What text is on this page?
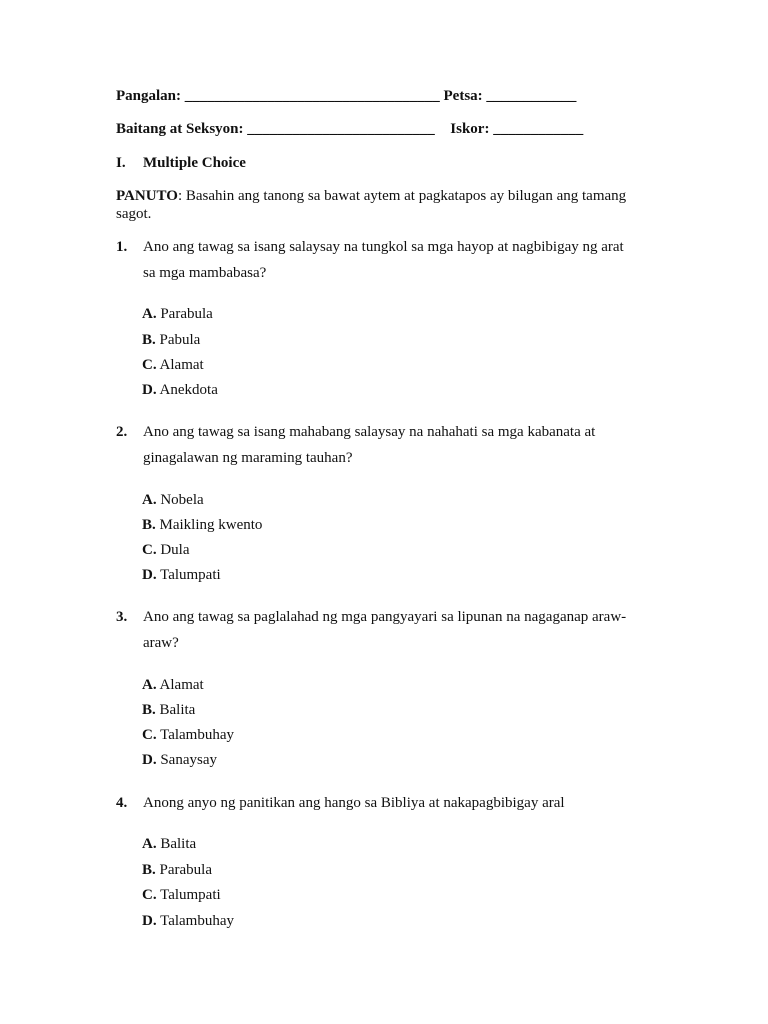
Pangalan: __________________________________ Petsa: ____________
Baitang at Seksyon: _________________________ Iskor: ____________
I. Multiple Choice
PANUTO: Basahin ang tanong sa bawat aytem at pagkatapos ay bilugan ang tamang
sagot.
1. Ano ang tawag sa isang salaysay na tungkol sa mga hayop at nagbibigay ng arat
sa mga mambabasa?
A. Parabula
B. Pabula
C. Alamat
D. Anekdota
2. Ano ang tawag sa isang mahabang salaysay na nahahati sa mga kabanata at
ginagalawan ng maraming tauhan?
A. Nobela
B. Maikling kwento
C. Dula
D. Talumpati
3. Ano ang tawag sa paglalahad ng mga pangyayari sa lipunan na nagaganap araw-
araw?
A. Alamat
B. Balita
C. Talambuhay
D. Sanaysay
4. Anong anyo ng panitikan ang hango sa Bibliya at nakapagbibigay aral
A. Balita
B. Parabula
C. Talumpati
D. Talambuhay
